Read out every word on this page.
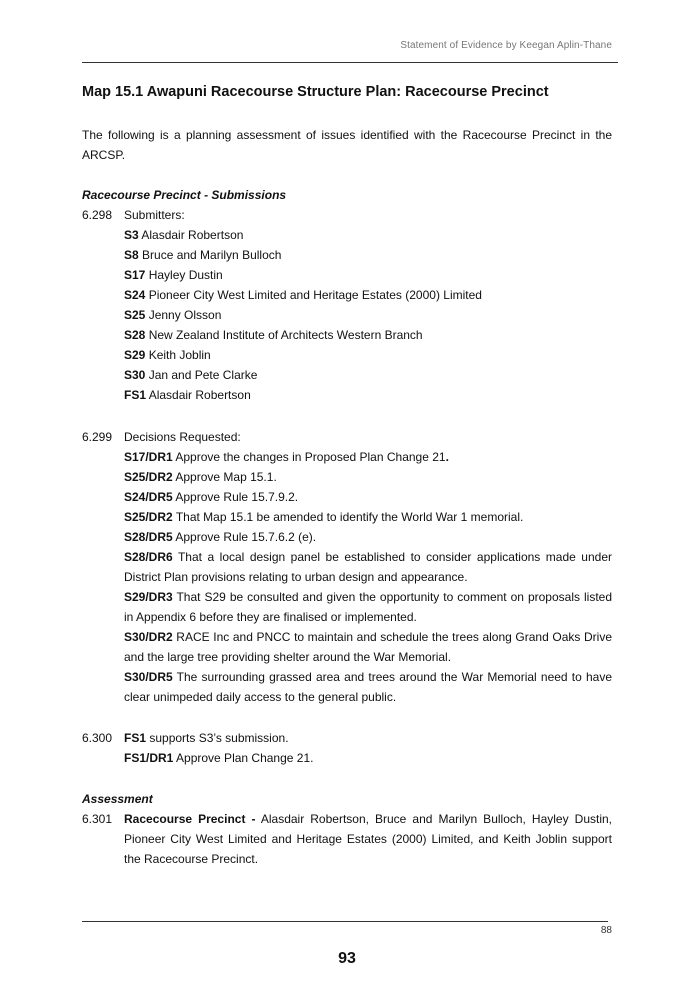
Statement of Evidence by Keegan Aplin-Thane
Map 15.1 Awapuni Racecourse Structure Plan: Racecourse Precinct

The following is a planning assessment of issues identified with the Racecourse Precinct in the ARCSP.

Racecourse Precinct - Submissions
6.298 Submitters:
S3 Alasdair Robertson
S8 Bruce and Marilyn Bulloch
S17 Hayley Dustin
S24 Pioneer City West Limited and Heritage Estates (2000) Limited
S25 Jenny Olsson
S28 New Zealand Institute of Architects Western Branch
S29 Keith Joblin
S30 Jan and Pete Clarke
FS1 Alasdair Robertson
6.299 Decisions Requested:
S17/DR1 Approve the changes in Proposed Plan Change 21.
S25/DR2 Approve Map 15.1.
S24/DR5 Approve Rule 15.7.9.2.
S25/DR2 That Map 15.1 be amended to identify the World War 1 memorial.
S28/DR5 Approve Rule 15.7.6.2 (e).
S28/DR6 That a local design panel be established to consider applications made under District Plan provisions relating to urban design and appearance.
S29/DR3 That S29 be consulted and given the opportunity to comment on proposals listed in Appendix 6 before they are finalised or implemented.
S30/DR2 RACE Inc and PNCC to maintain and schedule the trees along Grand Oaks Drive and the large tree providing shelter around the War Memorial.
S30/DR5 The surrounding grassed area and trees around the War Memorial need to have clear unimpeded daily access to the general public.
6.300 FS1 supports S3’s submission.
FS1/DR1 Approve Plan Change 21.
Assessment
6.301 Racecourse Precinct - Alasdair Robertson, Bruce and Marilyn Bulloch, Hayley Dustin, Pioneer City West Limited and Heritage Estates (2000) Limited, and Keith Joblin support the Racecourse Precinct.
88
93
